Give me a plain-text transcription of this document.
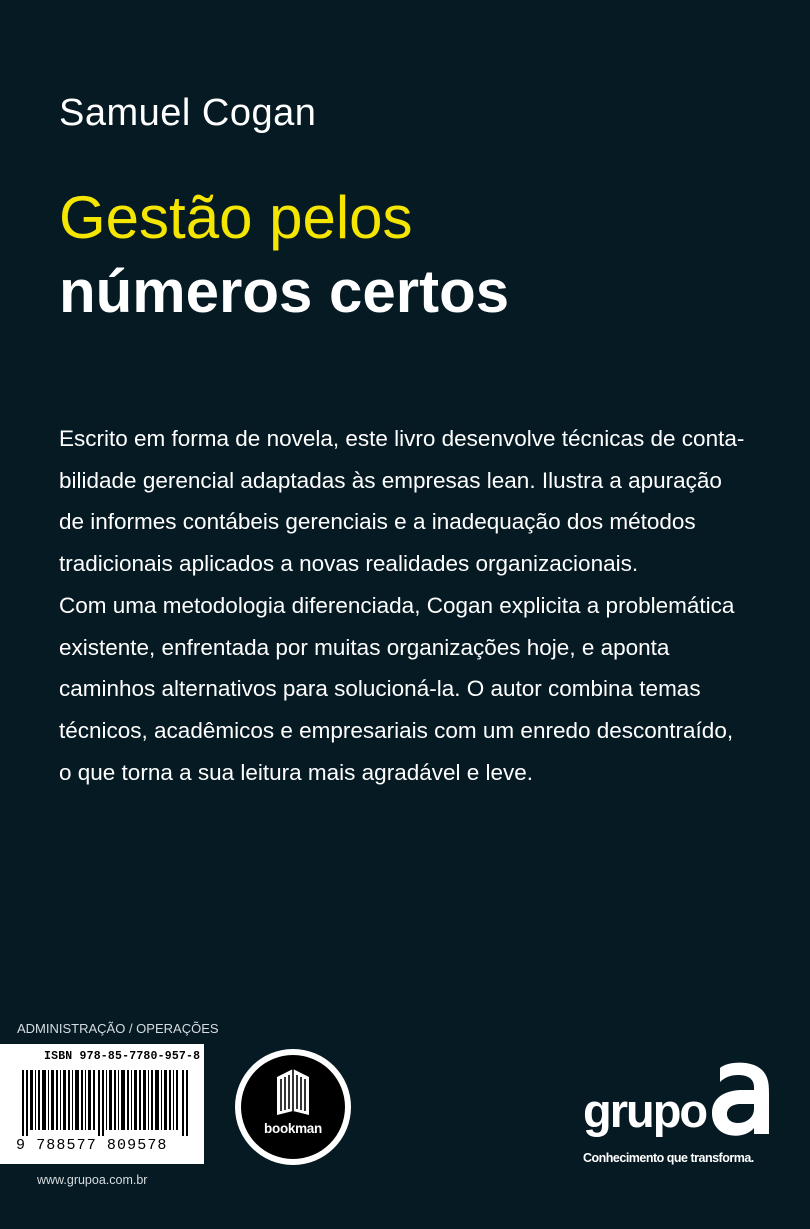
Samuel Cogan
Gestão pelos
números certos

Escrito em forma de novela, este livro desenvolve técnicas de conta-

bilidade gerencial adaptadas às empresas lean. Ilustra a apuração

de informes contábeis gerenciais e a inadequação dos métodos

tradicionais aplicados a novas realidades organizacionais.

Com uma metodologia diferenciada, Cogan explicita a problemática

existente, enfrentada por muitas organizações hoje, e aponta

caminhos alternativos para solucioná-la. O autor combina temas

técnicos, acadêmicos e empresariais com um enredo descontraído,

o que torna a sua leitura mais agradável e leve.

ADMINISTRAÇÃO / OPERAÇÕES
ISBN 978-85-7780-957-8
9 788577 809578
www.grupoa.com.br
bookman	grupo
Conhecimento que transforma.
